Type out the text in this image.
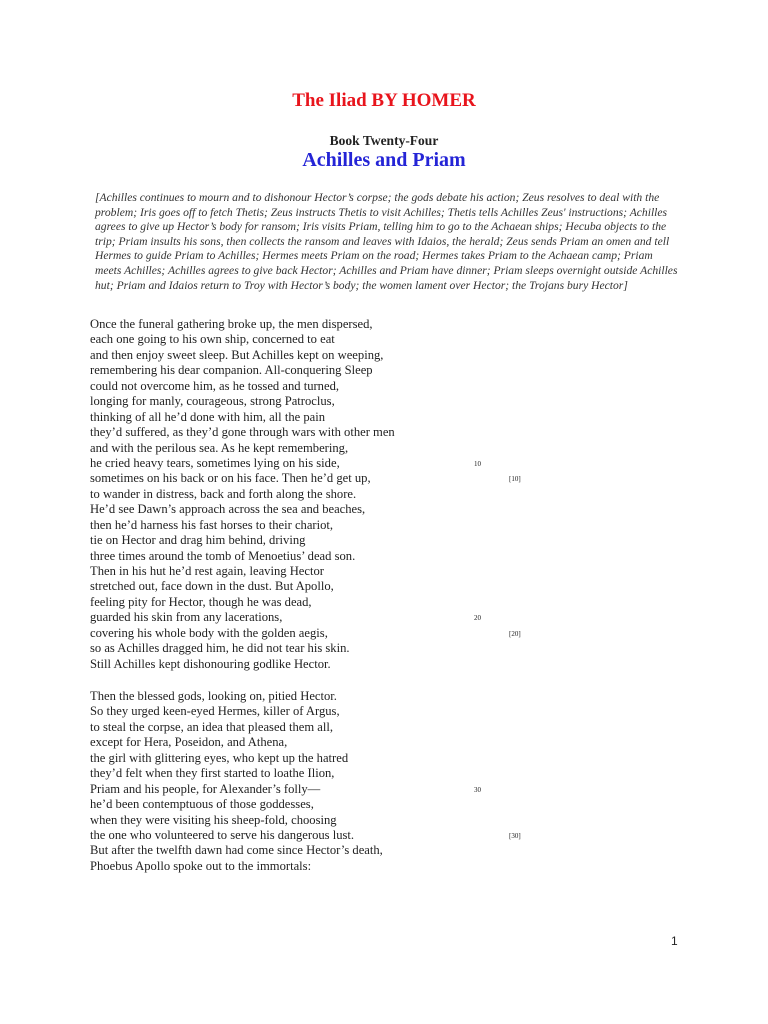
The Iliad BY HOMER
Book Twenty-Four
Achilles and Priam
[Achilles continues to mourn and to dishonour Hector’s corpse; the gods debate his action; Zeus resolves to deal with the problem; Iris goes off to fetch Thetis; Zeus instructs Thetis to visit Achilles; Thetis tells Achilles Zeus' instructions; Achilles agrees to give up Hector’s body for ransom; Iris visits Priam, telling him to go to the Achaean ships; Hecuba objects to the trip; Priam insults his sons, then collects the ransom and leaves with Idaios, the herald; Zeus sends Priam an omen and tell Hermes to guide Priam to Achilles; Hermes meets Priam on the road; Hermes takes Priam to the Achaean camp; Priam meets Achilles; Achilles agrees to give back Hector; Achilles and Priam have dinner; Priam sleeps overnight outside Achilles hut; Priam and Idaios return to Troy with Hector’s body; the women lament over Hector; the Trojans bury Hector]
Once the funeral gathering broke up, the men dispersed,
each one going to his own ship, concerned to eat
and then enjoy sweet sleep. But Achilles kept on weeping,
remembering his dear companion. All-conquering Sleep
could not overcome him, as he tossed and turned,
longing for manly, courageous, strong Patroclus,
thinking of all he’d done with him, all the pain
they’d suffered, as they’d gone through wars with other men
and with the perilous sea. As he kept remembering,
he cried heavy tears, sometimes lying on his side,	10
sometimes on his back or on his face. Then he’d get up,	[10]
to wander in distress, back and forth along the shore.
He’d see Dawn’s approach across the sea and beaches,
then he’d harness his fast horses to their chariot,
tie on Hector and drag him behind, driving
three times around the tomb of Menoetius’ dead son.
Then in his hut he’d rest again, leaving Hector
stretched out, face down in the dust. But Apollo,
feeling pity for Hector, though he was dead,
guarded his skin from any lacerations,	20
covering his whole body with the golden aegis,	[20]
so as Achilles dragged him, he did not tear his skin.
Still Achilles kept dishonouring godlike Hector.
Then the blessed gods, looking on, pitied Hector.
So they urged keen-eyed Hermes, killer of Argus,
to steal the corpse, an idea that pleased them all,
except for Hera, Poseidon, and Athena,
the girl with glittering eyes, who kept up the hatred
they’d felt when they first started to loathe Ilion,
Priam and his people, for Alexander’s folly—	30
he’d been contemptuous of those goddesses,
when they were visiting his sheep-fold, choosing
the one who volunteered to serve his dangerous lust.	[30]
But after the twelfth dawn had come since Hector’s death,
Phoebus Apollo spoke out to the immortals:
1
